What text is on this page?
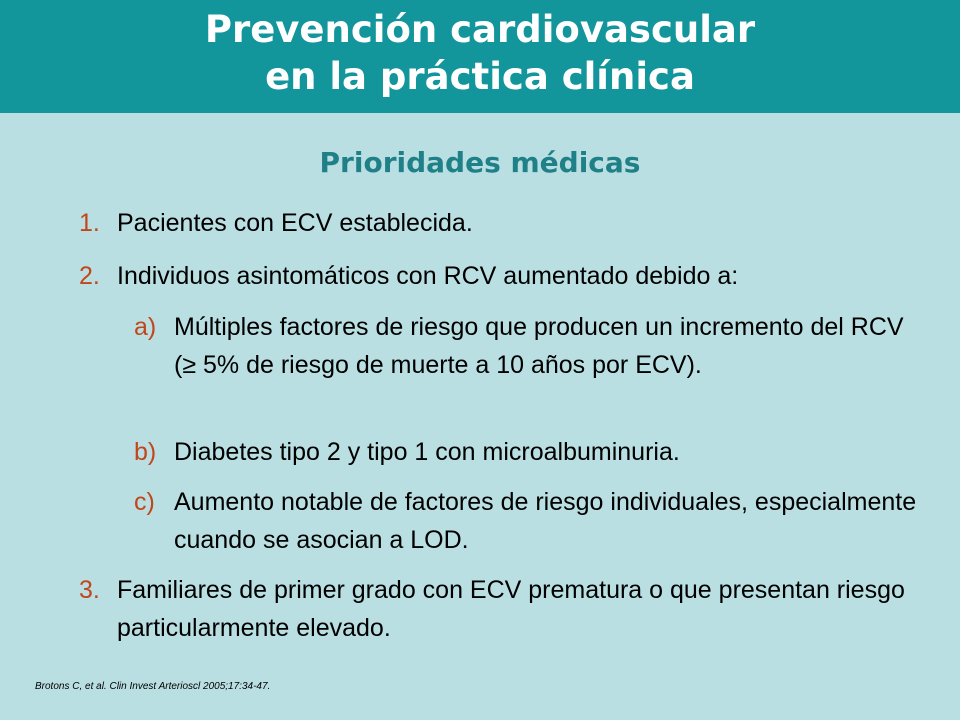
Prevención cardiovascular
en la práctica clínica
Prioridades médicas
1. Pacientes con ECV establecida.
2. Individuos asintomáticos con RCV aumentado debido a:
a) Múltiples factores de riesgo que producen un incremento del RCV (≥ 5% de riesgo de muerte a 10 años por ECV).
b) Diabetes tipo 2 y tipo 1 con microalbuminuria.
c) Aumento notable de factores de riesgo individuales, especialmente cuando se asocian a LOD.
3. Familiares de primer grado con ECV prematura o que presentan riesgo particularmente elevado.
Brotons C, et al. Clin Invest Arterioscl 2005;17:34-47.
